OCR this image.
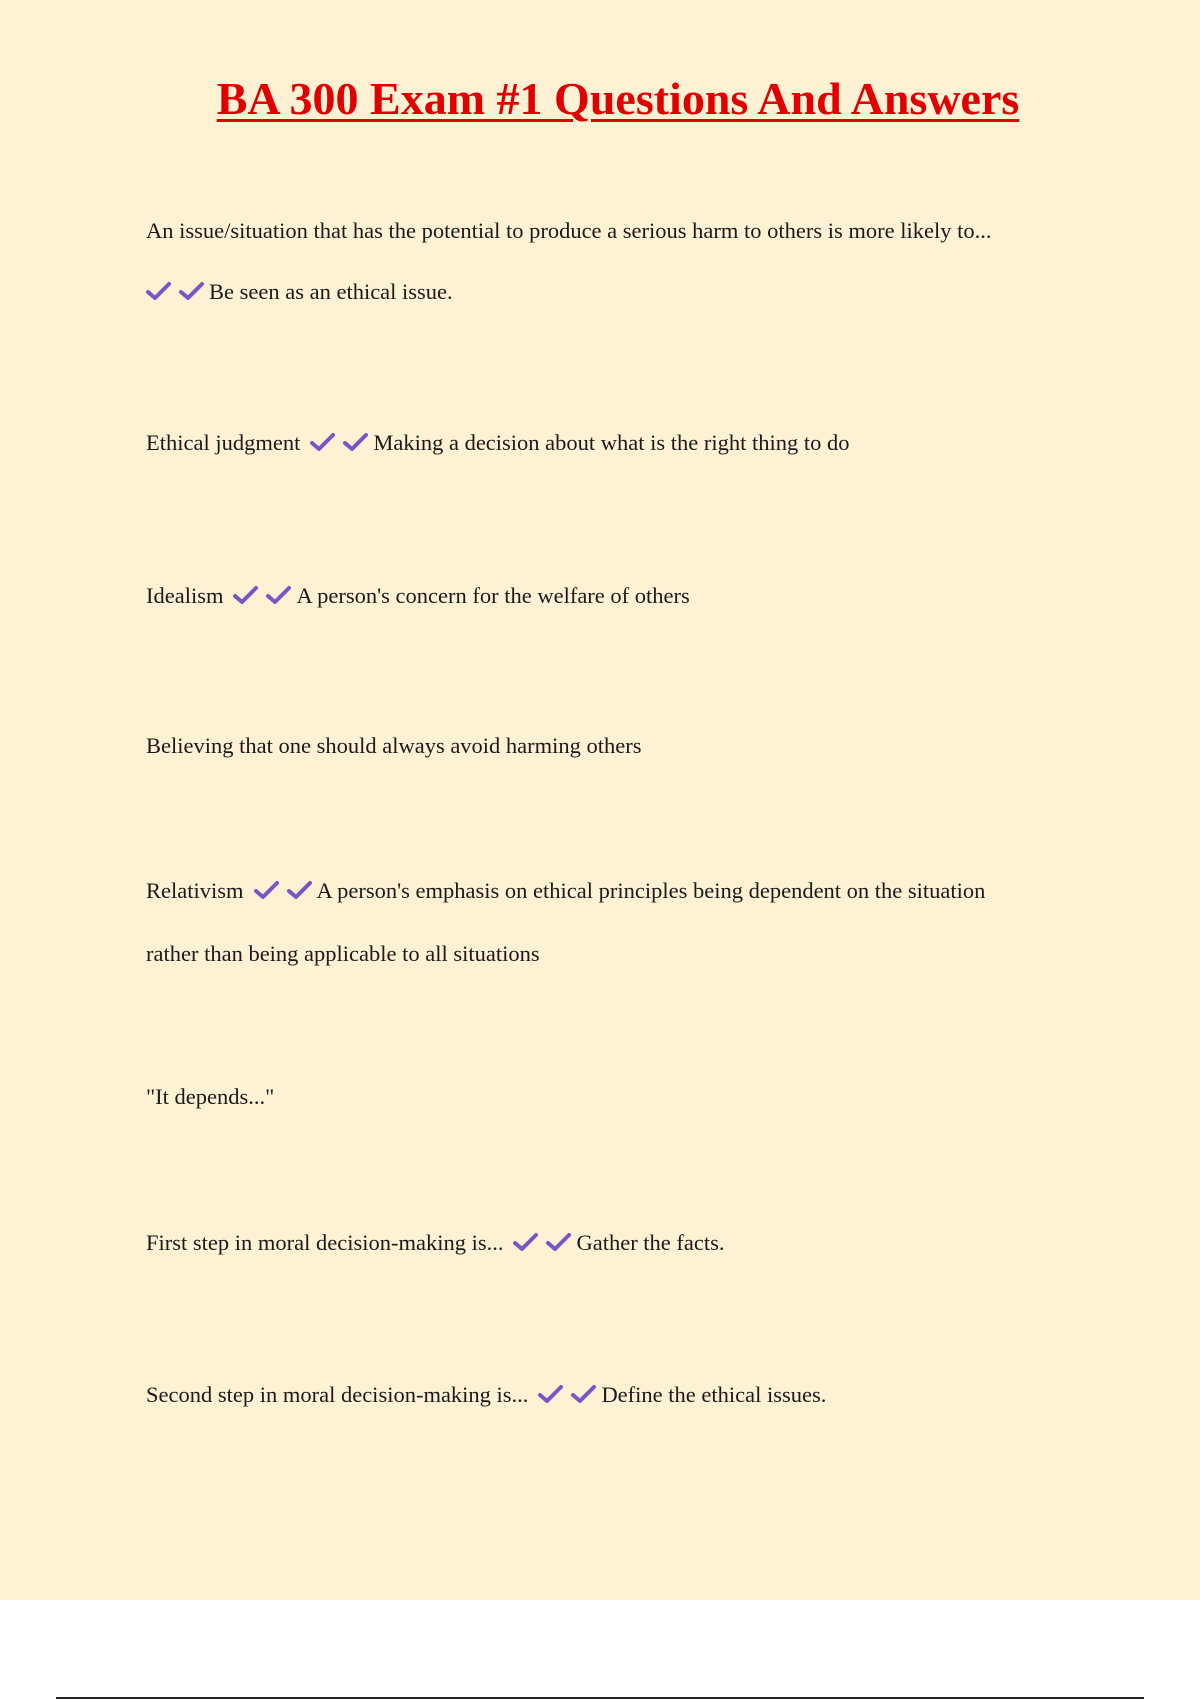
BA 300 Exam #1 Questions And Answers
An issue/situation that has the potential to produce a serious harm to others is more likely to...
Be seen as an ethical issue.
Ethical judgment	Making a decision about what is the right thing to do
Idealism	A person's concern for the welfare of others
Believing that one should always avoid harming others
Relativism	A person's emphasis on ethical principles being dependent on the situation
rather than being applicable to all situations
"It depends..."
First step in moral decision-making is...	Gather the facts.
Second step in moral decision-making is...	Define the ethical issues.
